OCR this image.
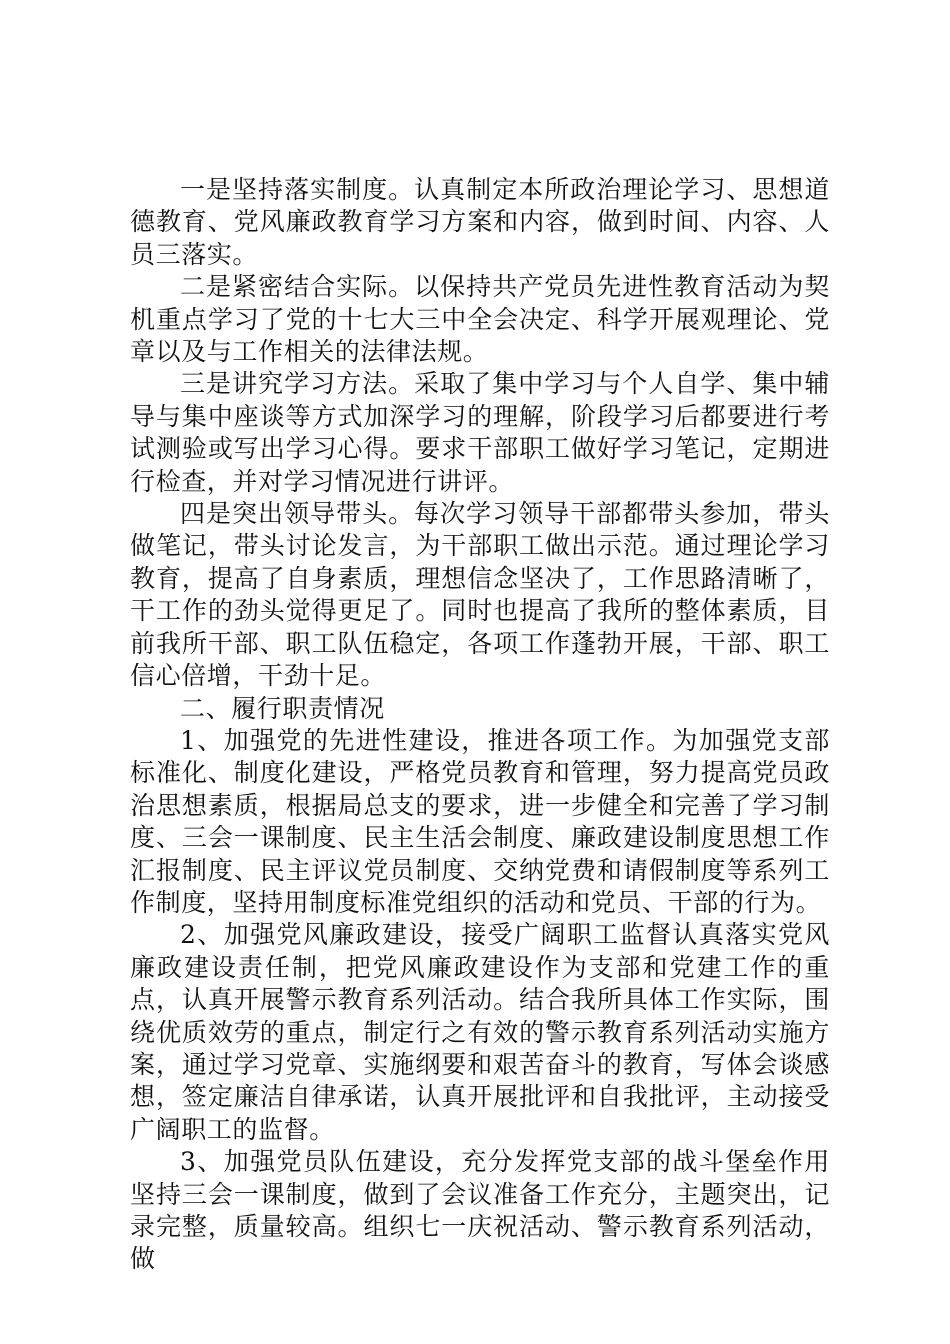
一是坚持落实制度。认真制定本所政治理论学习、思想道德教育、党风廉政教育学习方案和内容，做到时间、内容、人员三落实。

二是紧密结合实际。以保持共产党员先进性教育活动为契机重点学习了党的十七大三中全会决定、科学开展观理论、党章以及与工作相关的法律法规。

三是讲究学习方法。采取了集中学习与个人自学、集中辅导与集中座谈等方式加深学习的理解，阶段学习后都要进行考试测验或写出学习心得。要求干部职工做好学习笔记，定期进行检查，并对学习情况进行讲评。

四是突出领导带头。每次学习领导干部都带头参加，带头做笔记，带头讨论发言，为干部职工做出示范。通过理论学习教育，提高了自身素质，理想信念坚决了，工作思路清晰了，干工作的劲头觉得更足了。同时也提高了我所的整体素质，目前我所干部、职工队伍稳定，各项工作蓬勃开展，干部、职工信心倍增，干劲十足。

二、履行职责情况

1、加强党的先进性建设，推进各项工作。为加强党支部标准化、制度化建设，严格党员教育和管理，努力提高党员政治思想素质，根据局总支的要求，进一步健全和完善了学习制度、三会一课制度、民主生活会制度、廉政建设制度思想工作汇报制度、民主评议党员制度、交纳党费和请假制度等系列工作制度，坚持用制度标准党组织的活动和党员、干部的行为。

2、加强党风廉政建设，接受广阔职工监督认真落实党风廉政建设责任制，把党风廉政建设作为支部和党建工作的重点，认真开展警示教育系列活动。结合我所具体工作实际，围绕优质效劳的重点，制定行之有效的警示教育系列活动实施方案，通过学习党章、实施纲要和艰苦奋斗的教育，写体会谈感想，签定廉洁自律承诺，认真开展批评和自我批评，主动接受广阔职工的监督。

3、加强党员队伍建设，充分发挥党支部的战斗堡垒作用坚持三会一课制度，做到了会议准备工作充分，主题突出，记录完整，质量较高。组织七一庆祝活动、警示教育系列活动，做
